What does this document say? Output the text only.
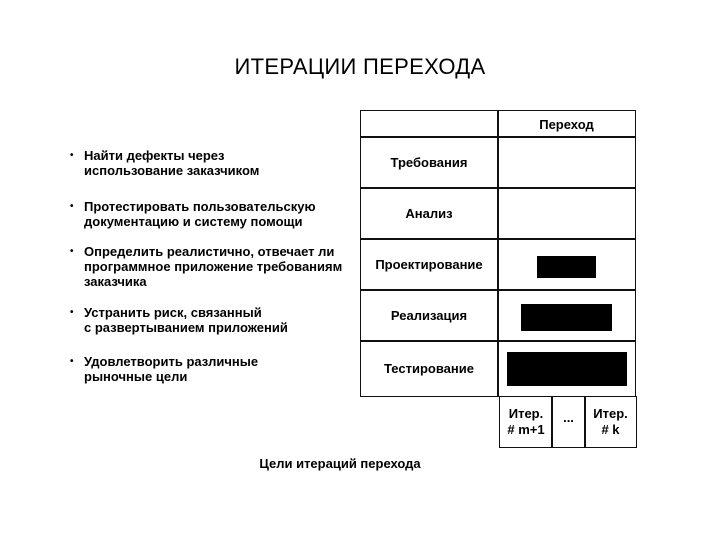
ИТЕРАЦИИ ПЕРЕХОДА
• Найти дефекты через
использование заказчиком
• Протестировать пользовательскую
документацию и систему помощи
• Определить реалистично, отвечает ли
программное приложение требованиям
заказчика
• Устранить риск, связанный
с развертыванием приложений
• Удовлетворить различные
рыночные цели
Переход
Требования
Анализ
Проектирование
Реализация
Тестирование
Итер.
# m+1
...	Итер.
# k
Цели итераций перехода
